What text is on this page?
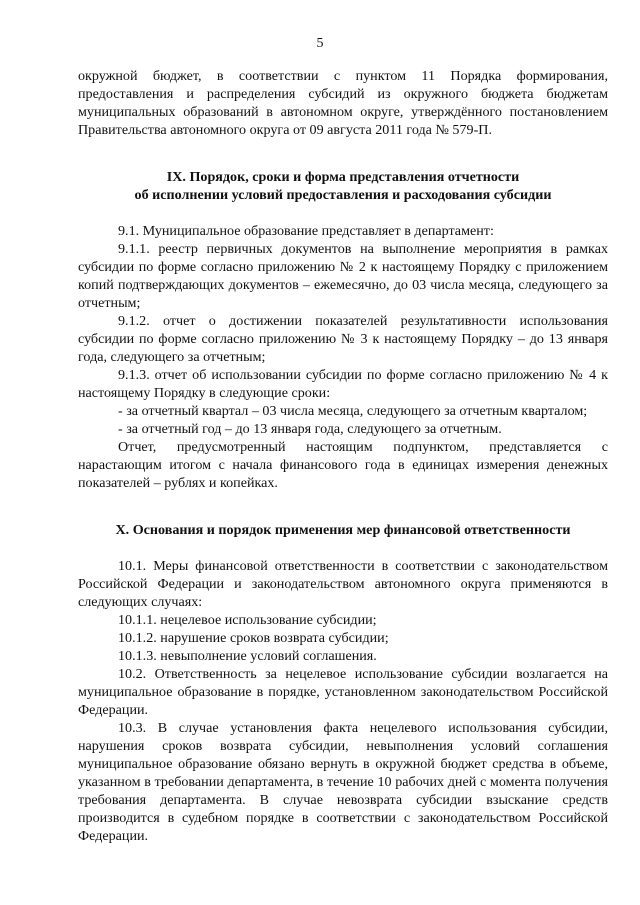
5

окружной бюджет, в соответствии с пунктом 11 Порядка формирования, предоставления и распределения субсидий из окружного бюджета бюджетам муниципальных образований в автономном округе, утверждённого постановлением Правительства автономного округа от 09 августа 2011 года № 579-П.

IX. Порядок, сроки и форма представления отчетности
об исполнении условий предоставления и расходования субсидии

9.1. Муниципальное образование представляет в департамент:

9.1.1. реестр первичных документов на выполнение мероприятия в рамках субсидии по форме согласно приложению № 2 к настоящему Порядку с приложением копий подтверждающих документов – ежемесячно, до 03 числа месяца, следующего за отчетным;

9.1.2. отчет о достижении показателей результативности использования субсидии по форме согласно приложению № 3 к настоящему Порядку – до 13 января года, следующего за отчетным;

9.1.3. отчет об использовании субсидии по форме согласно приложению № 4 к настоящему Порядку в следующие сроки:

- за отчетный квартал – 03 числа месяца, следующего за отчетным кварталом;

- за отчетный год – до 13 января года, следующего за отчетным.

Отчет, предусмотренный настоящим подпунктом, представляется с нарастающим итогом с начала финансового года в единицах измерения денежных показателей – рублях и копейках.

X. Основания и порядок применения мер финансовой ответственности

10.1. Меры финансовой ответственности в соответствии с законодательством Российской Федерации и законодательством автономного округа применяются в следующих случаях:

10.1.1. нецелевое использование субсидии;

10.1.2. нарушение сроков возврата субсидии;

10.1.3. невыполнение условий соглашения.

10.2. Ответственность за нецелевое использование субсидии возлагается на муниципальное образование в порядке, установленном законодательством Российской Федерации.

10.3. В случае установления факта нецелевого использования субсидии, нарушения сроков возврата субсидии, невыполнения условий соглашения муниципальное образование обязано вернуть в окружной бюджет средства в объеме, указанном в требовании департамента, в течение 10 рабочих дней с момента получения требования департамента. В случае невозврата субсидии взыскание средств производится в судебном порядке в соответствии с законодательством Российской Федерации.
